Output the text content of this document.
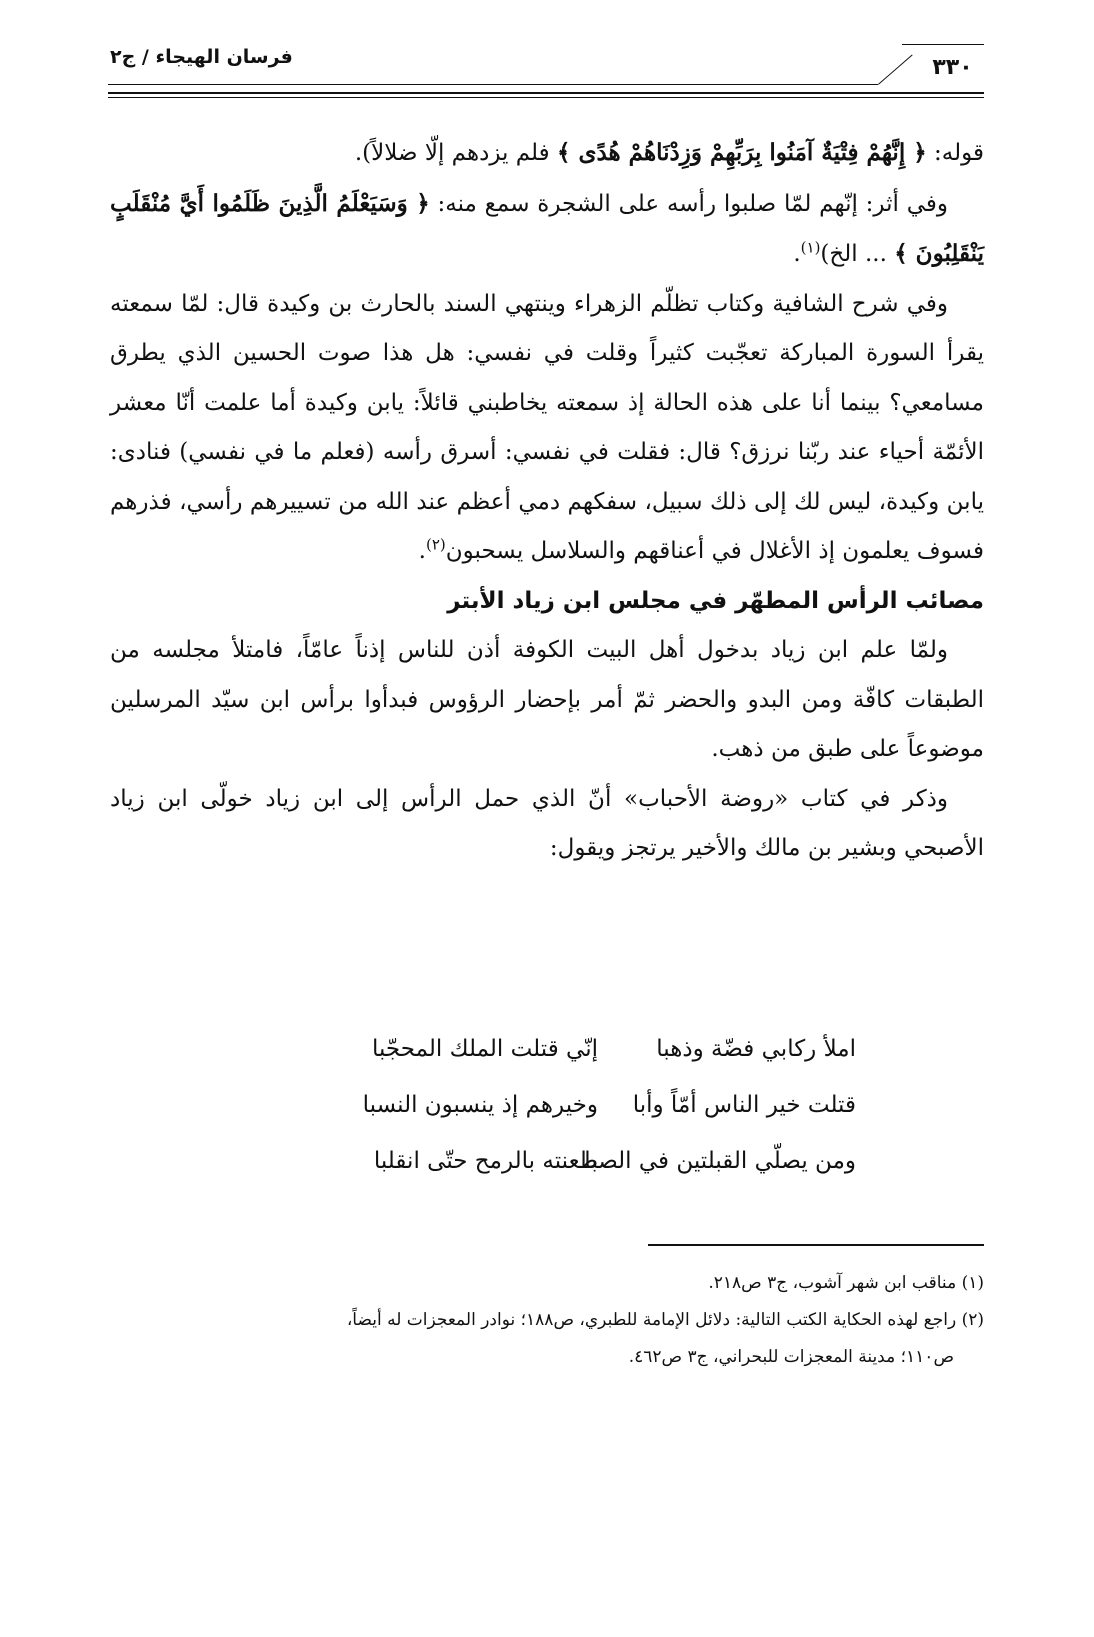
فرسان الهيجاء / ج٢	٣٣٠

قوله: ﴿ إِنَّهُمْ فِتْيَةٌ آمَنُوا بِرَبِّهِمْ وَزِدْنَاهُمْ هُدًى ﴾ فلم يزدهم إلّا ضلالاً).

وفي أثر: إنّهم لمّا صلبوا رأسه على الشجرة سمع منه: ﴿ وَسَيَعْلَمُ الَّذِينَ ظَلَمُوا أَيَّ مُنْقَلَبٍ يَنْقَلِبُونَ ﴾ ... الخ)$^{(١)}$.

وفي شرح الشافية وكتاب تظلّم الزهراء وينتهي السند بالحارث بن وكيدة قال: لمّا سمعته يقرأ السورة المباركة تعجّبت كثيراً وقلت في نفسي: هل هذا صوت الحسين الذي يطرق مسامعي؟ بينما أنا على هذه الحالة إذ سمعته يخاطبني قائلاً: يابن وكيدة أما علمت أنّا معشر الأئمّة أحياء عند ربّنا نرزق؟ قال: فقلت في نفسي: أسرق رأسه (فعلم ما في نفسي) فنادى: يابن وكيدة، ليس لك إلى ذلك سبيل، سفكهم دمي أعظم عند الله من تسييرهم رأسي، فذرهم فسوف يعلمون إذ الأغلال في أعناقهم والسلاسل يسحبون$^{(٢)}$.

مصائب الرأس المطهّر في مجلس ابن زياد الأبتر

ولمّا علم ابن زياد بدخول أهل البيت الكوفة أذن للناس إذناً عامّاً، فامتلأ مجلسه من الطبقات كافّة ومن البدو والحضر ثمّ أمر بإحضار الرؤوس فبدأوا برأس ابن سيّد المرسلين موضوعاً على طبق من ذهب.

وذكر في كتاب «روضة الأحباب» أنّ الذي حمل الرأس إلى ابن زياد خولّى ابن زياد الأصبحي وبشير بن مالك والأخير يرتجز ويقول:

املأ ركابي فضّة وذهبا
إنّي قتلت الملك المحجّبا
قتلت خير الناس أمّاً وأبا
وخيرهم إذ ينسبون النسبا
ومن يصلّي القبلتين في الصبا
طعنته بالرمح حتّى انقلبا

(١) مناقب ابن شهر آشوب، ج٣ ص٢١٨.

(٢) راجع لهذه الحكاية الكتب التالية: دلائل الإمامة للطبري، ص١٨٨؛ نوادر المعجزات له أيضاً،

ص١١٠؛ مدينة المعجزات للبحراني، ج٣ ص٤٦٢.
